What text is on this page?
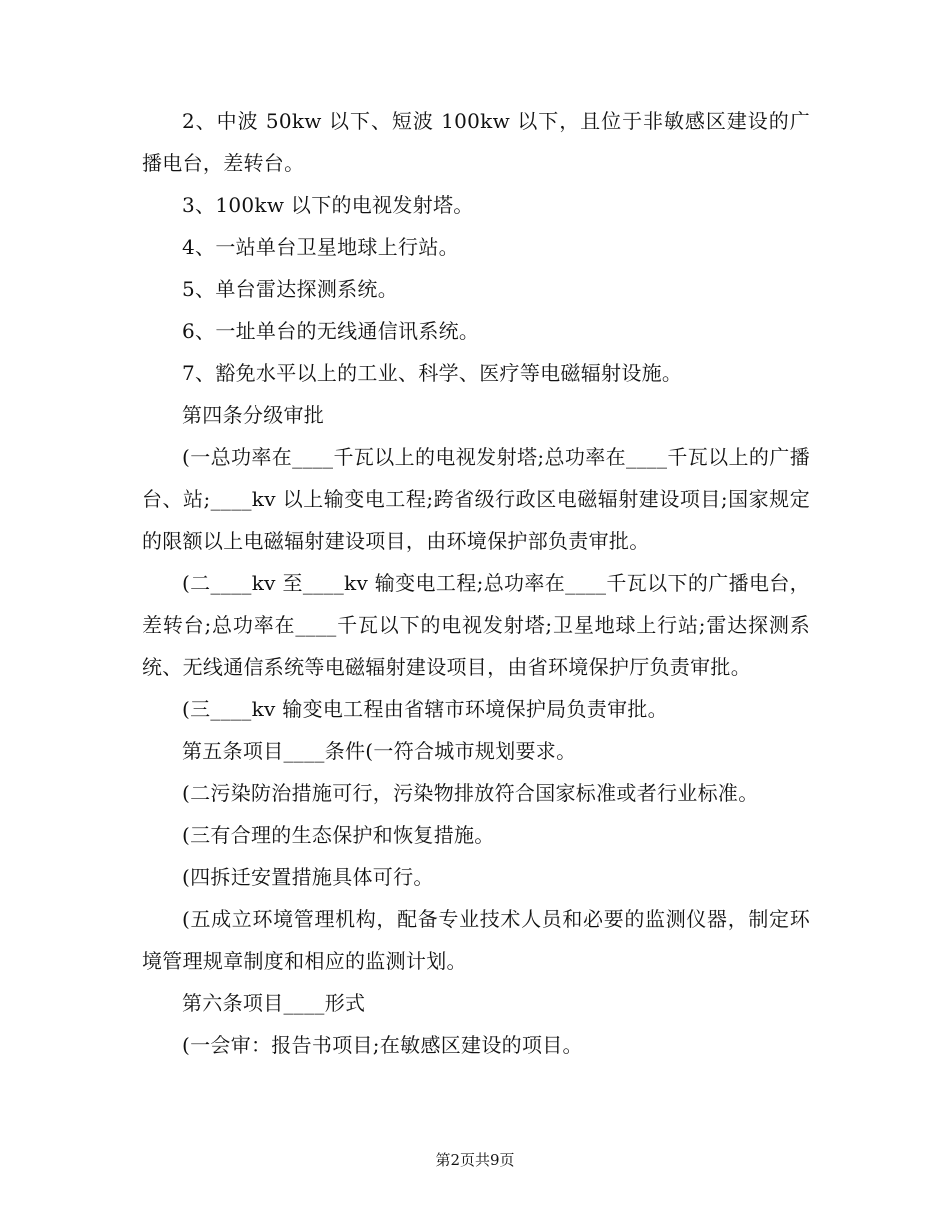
2、中波 50kw 以下、短波 100kw 以下，且位于非敏感区建设的广播电台，差转台。

3、100kw 以下的电视发射塔。

4、一站单台卫星地球上行站。

5、单台雷达探测系统。

6、一址单台的无线通信讯系统。

7、豁免水平以上的工业、科学、医疗等电磁辐射设施。

第四条分级审批

(一总功率在____千瓦以上的电视发射塔;总功率在____千瓦以上的广播台、站;____kv 以上输变电工程;跨省级行政区电磁辐射建设项目;国家规定的限额以上电磁辐射建设项目，由环境保护部负责审批。

(二____kv 至____kv 输变电工程;总功率在____千瓦以下的广播电台，差转台;总功率在____千瓦以下的电视发射塔;卫星地球上行站;雷达探测系统、无线通信系统等电磁辐射建设项目，由省环境保护厅负责审批。

(三____kv 输变电工程由省辖市环境保护局负责审批。

第五条项目____条件(一符合城市规划要求。

(二污染防治措施可行，污染物排放符合国家标准或者行业标准。

(三有合理的生态保护和恢复措施。

(四拆迁安置措施具体可行。

(五成立环境管理机构，配备专业技术人员和必要的监测仪器，制定环境管理规章制度和相应的监测计划。

第六条项目____形式

(一会审：报告书项目;在敏感区建设的项目。

第2页共9页
